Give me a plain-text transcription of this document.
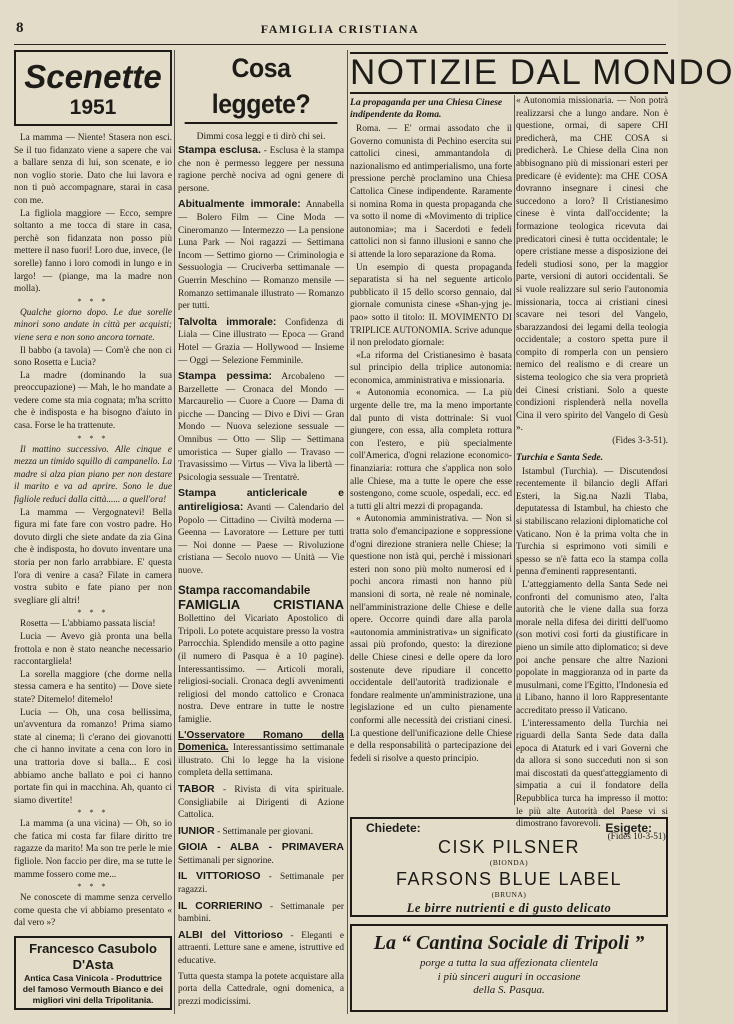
8	FAMIGLIA CRISTIANA
Scenette
1951

La mamma — Niente! Stasera non esci. Se il tuo fidanzato viene a sapere che vai a ballare senza di lui, son scenate, e io non voglio storie. Dato che lui lavora e non ti può accompagnare, starai in casa con me.

La figliola maggiore — Ecco, sempre soltanto a me tocca di stare in casa, perchè son fidanzata non posso più mettere il naso fuori! Loro due, invece, (le sorelle) fanno i loro comodi in lungo e in largo! — (piange, ma la madre non molla).

* * *

Qualche giorno dopo. Le due sorelle minori sono andate in città per acquisti; viene sera e non sono ancora tornate.

Il babbo (a tavola) — Com'è che non ci sono Rosetta e Lucia?

La madre (dominando la sua preoccupazione) — Mah, le ho mandate a vedere come sta mia cognata; m'ha scritto che è indisposta e ha bisogno d'aiuto in casa. Forse le ha trattenute.

* * *

Il mattino successivo. Alle cinque e mezza un timido squillo di campanello. La madre si alza pian piano per non destare il marito e va ad aprire. Sono le due figliole reduci dalla città...... a quell'ora!

La mamma — Vergognatevi! Bella figura mi fate fare con vostro padre. Ho dovuto dirgli che siete andate da zia Gina che è indisposta, ho dovuto inventare una storia per non farlo arrabbiare. E' questa l'ora di venire a casa? Filate in camera vostra subito e fate piano per non svegliare gli altri!

* * *

Rosetta — L'abbiamo passata liscia!

Lucia — Avevo già pronta una bella frottola e non è stato neanche necessario raccontargliela!

La sorella maggiore (che dorme nella stessa camera e ha sentito) — Dove siete state? Ditemelo! ditemelo!

Lucia — Oh, una cosa bellissima, un'avventura da romanzo! Prima siamo state al cinema; lì c'erano dei giovanotti che ci hanno invitate a cena con loro in una trattoria dove si balla... E così abbiamo anche ballato e poi ci hanno portate fin qui in macchina. Ah, quanto ci siamo divertite!

* * *

La mamma (a una vicina) — Oh, so io che fatica mi costa far filare diritto tre ragazze da marito! Ma son tre perle le mie figliole. Non faccio per dire, ma se tutte le mamme fossero come me...

* * *

Ne conoscete di mamme senza cervello come questa che vi abbiamo presentato « dal vero »?

Francesco Casubolo D'Asta
Antica Casa Vinicola - Produttrice
del famoso Vermouth Bianco e dei
migliori vini della Tripolitania.
Cosa leggete?
Dimmi cosa leggi e ti dirò chi sei.

Stampa esclusa. - Esclusa è la stampa che non è permesso leggere per nessuna ragione perchè nociva ad ogni genere di persone.

Abitualmente immorale: Annabella — Bolero Film — Cine Moda — Cineromanzo — Intermezzo — La pensione Luna Park — Noi ragazzi — Settimana Incom — Settimo giorno — Criminologia e Sessuologia — Cruciverba settimanale — Guerrin Meschino — Romanzo mensile — Romanzo settimanale illustrato — Romanzo per tutti.

Talvolta immorale: Confidenza di Liala — Cine illustrato — Epoca — Grand Hotel — Grazia — Hollywood — Insieme — Oggi — Selezione Femminile.

Stampa pessima: Arcobaleno — Barzellette — Cronaca del Mondo — Marcaurelio — Cuore a Cuore — Dama di picche — Dancing — Divo e Divi — Gran Mondo — Nuova selezione sessuale — Omnibus — Otto — Slip — Settimana umoristica — Super giallo — Travaso — Travasissimo — Virtus — Viva la libertà — Psicologia sessuale — Trentatrè.

Stampa anticlericale e antireligiosa: Avanti — Calendario del Popolo — Cittadino — Civiltà moderna — Geenna — Lavoratore — Letture per tutti — Noi donne — Paese — Rivoluzione cristiana — Secolo nuovo — Unità — Vie nuove.

Stampa raccomandabile

FAMIGLIA CRISTIANA Bollettino del Vicariato Apostolico di Tripoli. Lo potete acquistare presso la vostra Parrocchia. Splendido mensile a otto pagine (il numero di Pasqua è a 10 pagine). Interessantissimo. — Articoli morali, religiosi-sociali. Cronaca degli avvenimenti religiosi del mondo cattolico e Cronaca nostra. Deve entrare in tutte le nostre famiglie.

L'Osservatore Romano della Domenica. Interessantissimo settimanale illustrato. Chi lo legge ha la visione completa della settimana.

TABOR - Rivista di vita spirituale. Consigliabile ai Dirigenti di Azione Cattolica.

IUNIOR - Settimanale per giovani.

GIOIA - ALBA - PRIMAVERA Settimanali per signorine.

IL VITTORIOSO - Settimanale per ragazzi.

IL CORRIERINO - Settimanale per bambini.

ALBI del Vittorioso - Eleganti e attraenti. Letture sane e amene, istruttive ed educative.

Tutta questa stampa la potete acquistare alla porta della Cattedrale, ogni domenica, a prezzi modicissimi.

NOTIZIE DAL MONDO
La propaganda per una Chiesa Cinese indipendente da Roma.

Roma. — E' ormai assodato che il Governo comunista di Pechino esercita sui cattolici cinesi, ammantandola di nazionalismo ed antimperialismo, una forte pressione perchè proclamino una Chiesa Cattolica Cinese indipendente. Raramente si nomina Roma in questa propaganda che va sotto il nome di «Movimento di triplice autonomia»; ma i Sacerdoti e fedeli cattolici non si fanno illusioni e sanno che si attende la loro separazione da Roma.

Un esempio di questa propaganda separatista si ha nel seguente articolo pubblicato il 15 dello scorso gennaio, dal giornale comunista cinese «Shan-yjng je-pao» sotto il titolo: IL MOVIMENTO DI TRIPLICE AUTONOMIA. Scrive adunque il non prelodato giornale:

«La riforma del Cristianesimo è basata sul principio della triplice autonomia: economica, amministrativa e missionaria.

« Autonomia economica. — La più urgente delle tre, ma la meno importante dal punto di vista dottrinale: Si vuol giungere, con essa, alla completa rottura con l'estero, e più specialmente coll'America, d'ogni relazione economico-finanziaria: rottura che s'applica non solo alle Chiese, ma a tutte le opere che esse sostengono, come scuole, ospedali, ecc. ed a tutti gli altri mezzi di propaganda.

« Autonomia amministrativa. — Non si tratta solo d'emancipazione e soppressione d'ogni direzione straniera nelle Chiese; la questione non istà qui, perchè i missionari esteri non sono più molto numerosi ed i pochi ancora rimasti non hanno più mansioni di sorta, nè reale nè nominale, nell'amministrazione delle Chiese e delle opere. Occorre quindi dare alla parola «autonomia amministrativa» un significato assai più profondo, questo: la direzione delle Chiese cinesi e delle opere da loro sostenute deve ripudiare il concetto occidentale dell'autorità tradizionale e fondare realmente un'amministrazione, una legislazione ed un culto pienamente conformi alle necessità dei cristiani cinesi. La questione dell'unificazione delle Chiese e della responsabilità o partecipazione dei fedeli si risolve a questo principio.

« Autonomia missionaria. — Non potrà realizzarsi che a lungo andare. Non è questione, ormai, di sapere CHI predicherà, ma CHE COSA si predicherà. Le Chiese della Cina non abbisognano più di missionari esteri per predicare (è evidente): ma CHE COSA dovranno insegnare i cinesi che succedono a loro? Il Cristianesimo cinese è vinta dall'occidente; la formazione teologica ricevuta dai predicatori cinesi è tutta occidentale; le opere cristiane messe a disposizione dei fedeli studiosi sono, per la maggior parte, versioni di autori occidentali. Se si vuole realizzare sul serio l'autonomia missionaria, tocca ai cristiani cinesi scavare nei tesori del Vangelo, sbarazzandosi dei legami della teologia occidentale; a costoro spetta pure il compito di romperla con un pensiero nemico del realismo e di creare un sistema teologico che sia vera proprietà dei Cinesi cristiani. Solo a queste condizioni risplenderà nella novella Cina il vero spirito del Vangelo di Gesù ».

(Fides 3-3-51).
Turchia e Santa Sede.

Istambul (Turchia). — Discutendosi recentemente il bilancio degli Affari Esteri, la Sig.na Nazli Tlaba, deputatessa di Istambul, ha chiesto che si stabiliscano relazioni diplomatiche col Vaticano. Non è la prima volta che in Turchia si esprimono voti simili e spesso se n'è fatta eco la stampa colla penna d'eminenti rappresentanti.

L'atteggiamento della Santa Sede nei confronti del comunismo ateo, l'alta autorità che le viene dalla sua forza morale nella difesa dei diritti dell'uomo (son motivi così forti da giustificare in pieno un simile atto diplomatico; si deve poi anche pensare che altre Nazioni popolate in maggioranza od in parte da musulmani, come l'Egitto, l'Indonesia ed il Libano, hanno il loro Rappresentante accreditato presso il Vaticano.

L'interessamento della Turchia nei riguardi della Santa Sede data dalla epoca di Ataturk ed i vari Governi che da allora si sono succeduti non si son mai discostati da quest'atteggiamento di simpatia a cui il fondatore della Repubblica turca ha impresso il motto: le più alte Autorità del Paese vi si dimostrano favorevoli.

(Fides 10-3-51).
Chiedete:	Esigete:
CISK PILSNER
(BIONDA)
FARSONS BLUE LABEL
(BRUNA)
Le birre nutrienti e di gusto delicato
La “ Cantina Sociale di Tripoli ”
porge a tutta la sua affezionata clientela
i più sinceri auguri in occasione
della S. Pasqua.
